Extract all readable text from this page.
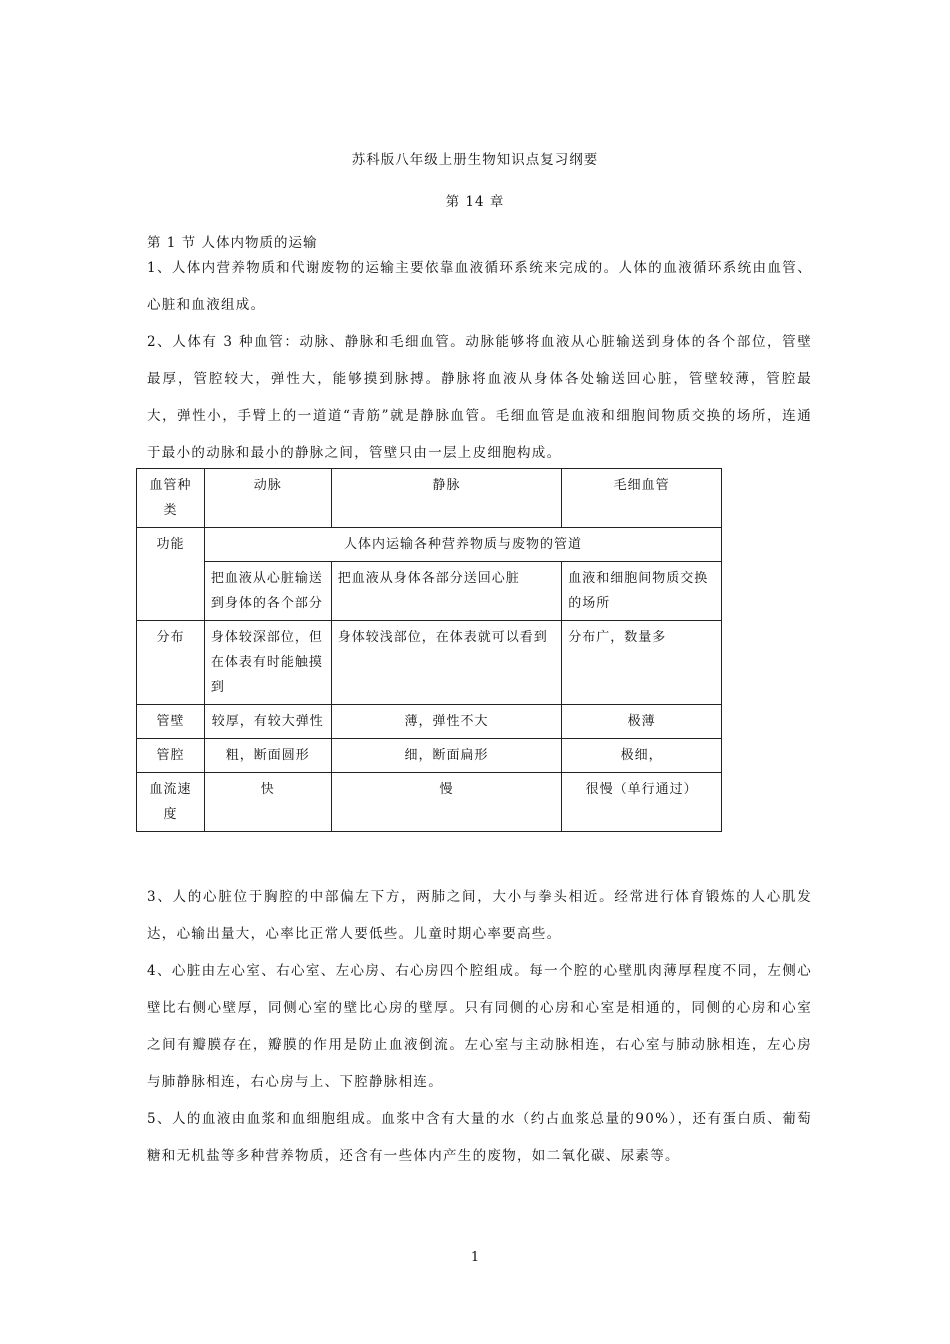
苏科版八年级上册生物知识点复习纲要
第 14 章
第 1 节 人体内物质的运输
1、人体内营养物质和代谢废物的运输主要依靠血液循环系统来完成的。人体的血液循环系统由血管、心脏和血液组成。
2、人体有 3 种血管：动脉、静脉和毛细血管。动脉能够将血液从心脏输送到身体的各个部位，管壁最厚，管腔较大，弹性大，能够摸到脉搏。静脉将血液从身体各处输送回心脏，管壁较薄，管腔最大，弹性小，手臂上的一道道“青筋”就是静脉血管。毛细血管是血液和细胞间物质交换的场所，连通于最小的动脉和最小的静脉之间，管壁只由一层上皮细胞构成。
血管种类	动脉	静脉	毛细血管
功能	人体内运输各种营养物质与废物的管道		
	把血液从心脏输送到身体的各个部分	把血液从身体各部分送回心脏	血液和细胞间物质交换的场所
分布	身体较深部位，但在体表有时能触摸到	身体较浅部位，在体表就可以看到	分布广，数量多
管壁	较厚，有较大弹性	薄，弹性不大	极薄
管腔	粗，断面圆形	细，断面扁形	极细，
血流速度	快	慢	很慢（单行通过）
3、人的心脏位于胸腔的中部偏左下方，两肺之间，大小与拳头相近。经常进行体育锻炼的人心肌发达，心输出量大，心率比正常人要低些。儿童时期心率要高些。
4、心脏由左心室、右心室、左心房、右心房四个腔组成。每一个腔的心壁肌肉薄厚程度不同，左侧心壁比右侧心壁厚，同侧心室的壁比心房的壁厚。只有同侧的心房和心室是相通的，同侧的心房和心室之间有瓣膜存在，瓣膜的作用是防止血液倒流。左心室与主动脉相连，右心室与肺动脉相连，左心房与肺静脉相连，右心房与上、下腔静脉相连。
5、人的血液由血浆和血细胞组成。血浆中含有大量的水（约占血浆总量的90%），还有蛋白质、葡萄糖和无机盐等多种营养物质，还含有一些体内产生的废物，如二氧化碳、尿素等。
1
